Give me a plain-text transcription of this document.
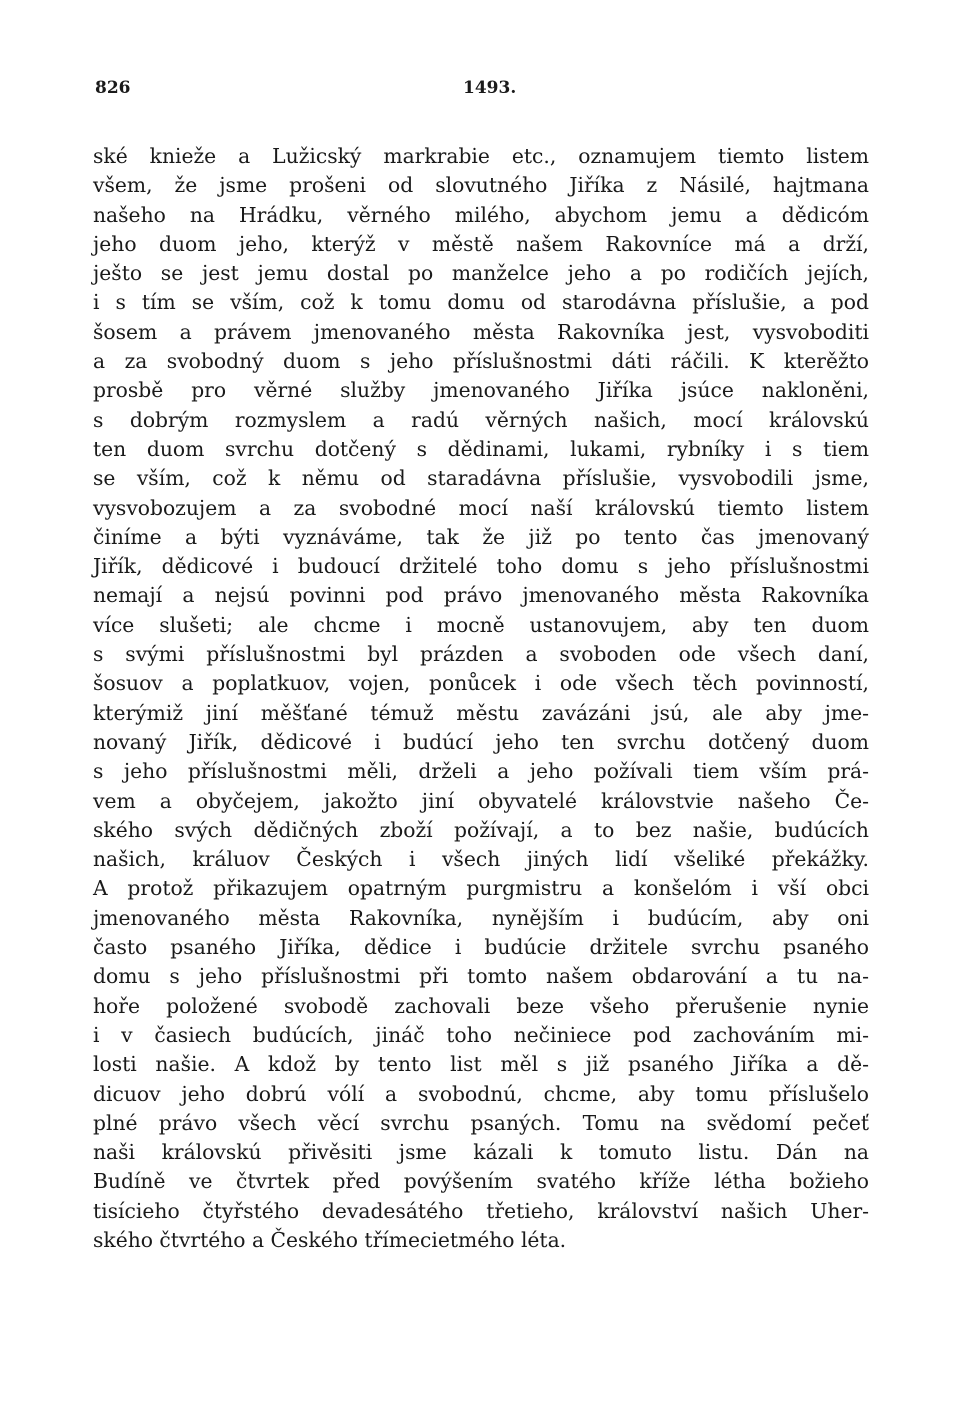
826	1493.
ské knieže a Lužicský markrabie etc., oznamujem tiemto listem
všem, že jsme prošeni od slovutného Jiříka z Násilé, hajtmana
našeho na Hrádku, věrného milého, abychom jemu a dědicóm
jeho duom jeho, kterýž v městě našem Rakovníce má a drží,
ješto se jest jemu dostal po manželce jeho a po rodičích jejích,
i s tím se vším, což k tomu domu od starodávna příslušie, a pod
šosem a právem jmenovaného města Rakovníka jest, vysvoboditi
a za svobodný duom s jeho příslušnostmi dáti ráčili. K kterěžto
prosbě pro věrné služby jmenovaného Jiříka jsúce nakloněni,
s dobrým rozmyslem a radú věrných našich, mocí královskú
ten duom svrchu dotčený s dědinami, lukami, rybníky i s tiem
se vším, což k němu od staradávna příslušie, vysvobodili jsme,
vysvobozujem a za svobodné mocí naší královskú tiemto listem
činíme a býti vyznáváme, tak že již po tento čas jmenovaný
Jiřík, dědicové i budoucí držitelé toho domu s jeho příslušnostmi
nemají a nejsú povinni pod právo jmenovaného města Rakovníka
více slušeti; ale chcme i mocně ustanovujem, aby ten duom
s svými příslušnostmi byl prázden a svoboden ode všech daní,
šosuov a poplatkuov, vojen, ponůcek i ode všech těch povinností,
kterýmiž jiní měšťané témuž městu zavázáni jsú, ale aby jme-
novaný Jiřík, dědicové i budúcí jeho ten svrchu dotčený duom
s jeho příslušnostmi měli, drželi a jeho požívali tiem vším prá-
vem a obyčejem, jakožto jiní obyvatelé královstvie našeho Če-
ského svých dědičných zboží požívají, a to bez našie, budúcích
našich, králuov Českých i všech jiných lidí všeliké překážky.
A protož přikazujem opatrným purgmistru a konšelóm i vší obci
jmenovaného města Rakovníka, nynějším i budúcím, aby oni
často psaného Jiříka, dědice i budúcie držitele svrchu psaného
domu s jeho příslušnostmi při tomto našem obdarování a tu na-
hoře položené svobodě zachovali beze všeho přerušenie nynie
i v časiech budúcích, jináč toho nečiniece pod zachováním mi-
losti našie. A kdož by tento list měl s již psaného Jiříka a dě-
dicuov jeho dobrú vólí a svobodnú, chcme, aby tomu příslušelo
plné právo všech věcí svrchu psaných. Tomu na svědomí pečeť
naši královskú přivěsiti jsme kázali k tomuto listu. Dán na
Budíně ve čtvrtek před povýšením svatého kříže létha božieho
tisícieho čtyřstého devadesátého třetieho, království našich Uher-
ského čtvrtého a Českého třímecietmého léta.
